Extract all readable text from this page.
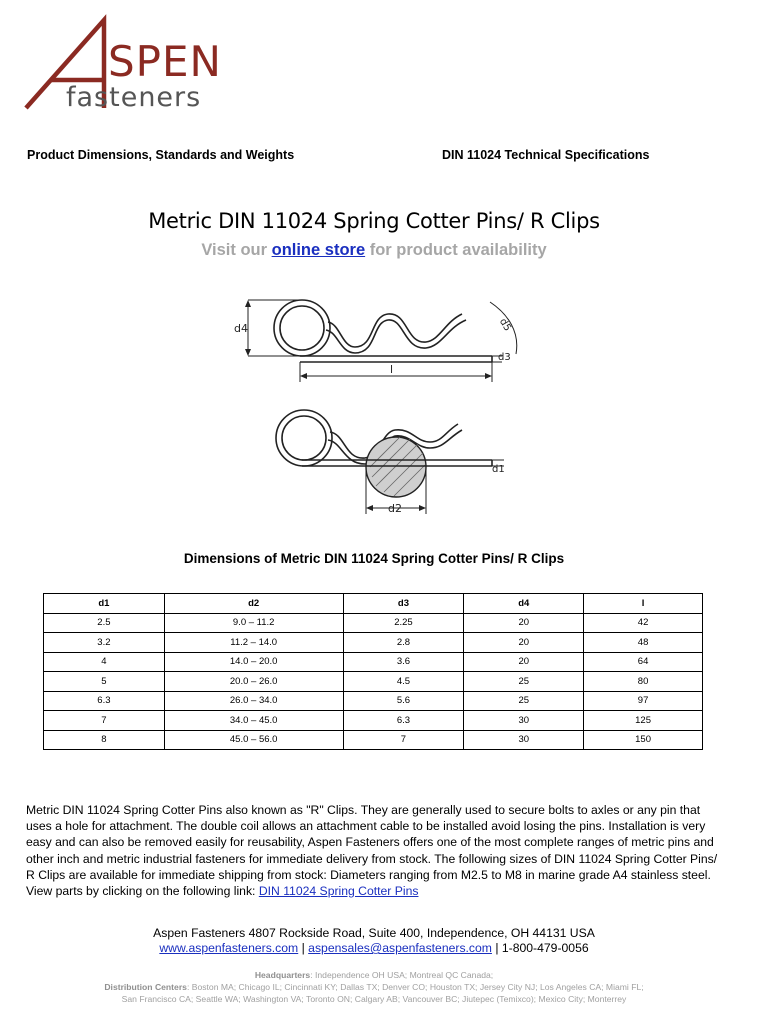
SPEN
fasteners
Product Dimensions, Standards and Weights	DIN 11024 Technical Specifications
Metric DIN 11024 Spring Cotter Pins/ R Clips
Visit our online store for product availability
d4
l
d3
d5
d2
d1
Dimensions of Metric DIN 11024 Spring Cotter Pins/ R Clips
d1	d2	d3	d4	l
2.5	9.0 – 11.2	2.25	20	42
3.2	11.2 – 14.0	2.8	20	48
4	14.0 – 20.0	3.6	20	64
5	20.0 – 26.0	4.5	25	80
6.3	26.0 – 34.0	5.6	25	97
7	34.0 – 45.0	6.3	30	125
8	45.0 – 56.0	7	30	150
Metric DIN 11024 Spring Cotter Pins also known as "R" Clips. They are generally used to secure bolts to axles or any pin that uses a hole for attachment. The double coil allows an attachment cable to be installed avoid losing the pins. Installation is very easy and can also be removed easily for reusability, Aspen Fasteners offers one of the most complete ranges of metric pins and other inch and metric industrial fasteners for immediate delivery from stock. The following sizes of DIN 11024 Spring Cotter Pins/ R Clips are available for immediate shipping from stock: Diameters ranging from M2.5 to M8 in marine grade A4 stainless steel. View parts by clicking on the following link: DIN 11024 Spring Cotter Pins
Aspen Fasteners 4807 Rockside Road, Suite 400, Independence, OH 44131 USA
www.aspenfasteners.com | aspensales@aspenfasteners.com | 1-800-479-0056
Headquarters: Independence OH USA; Montreal QC Canada;
Distribution Centers: Boston MA; Chicago IL; Cincinnati KY; Dallas TX; Denver CO; Houston TX; Jersey City NJ; Los Angeles CA; Miami FL;
San Francisco CA; Seattle WA; Washington VA; Toronto ON; Calgary AB; Vancouver BC; Jiutepec (Temixco); Mexico City; Monterrey
